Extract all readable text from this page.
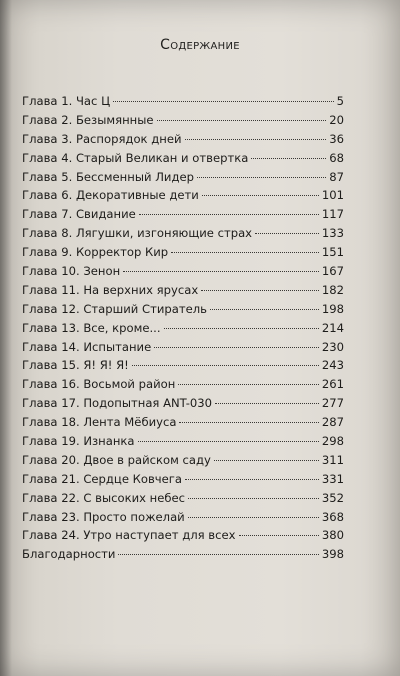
Содержание
Глава 1. Час Ц	5
Глава 2. Безымянные	20
Глава 3. Распорядок дней	36
Глава 4. Старый Великан и отвертка	68
Глава 5. Бессменный Лидер	87
Глава 6. Декоративные дети	101
Глава 7. Свидание	117
Глава 8. Лягушки, изгоняющие страх	133
Глава 9. Корректор Кир	151
Глава 10. Зенон	167
Глава 11. На верхних ярусах	182
Глава 12. Старший Стиратель	198
Глава 13. Все, кроме...	214
Глава 14. Испытание	230
Глава 15. Я! Я! Я!	243
Глава 16. Восьмой район	261
Глава 17. Подопытная ANT-030	277
Глава 18. Лента Мёбиуса	287
Глава 19. Изнанка	298
Глава 20. Двое в райском саду	311
Глава 21. Сердце Ковчега	331
Глава 22. С высоких небес	352
Глава 23. Просто пожелай	368
Глава 24. Утро наступает для всех	380
Благодарности	398
